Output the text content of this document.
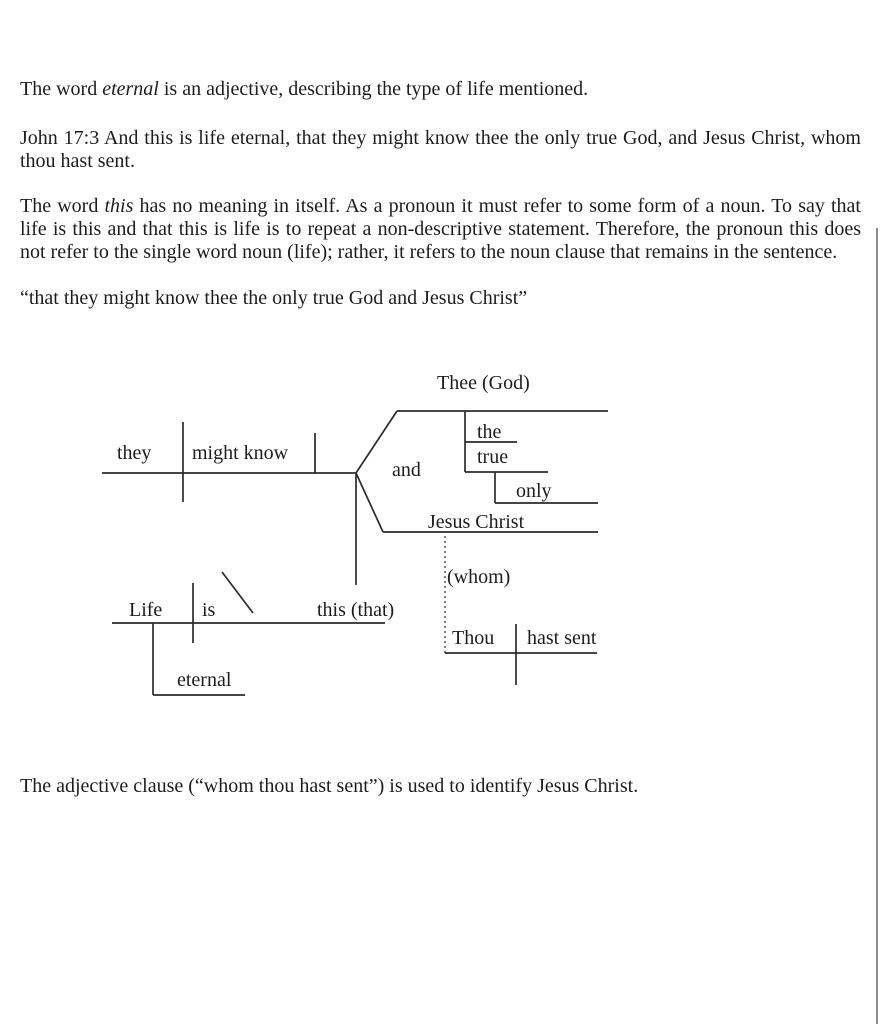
The word eternal is an adjective, describing the type of life mentioned.
John 17:3 And this is life eternal, that they might know thee the only true God, and Jesus Christ, whom
thou hast sent.
The word this has no meaning in itself. As a pronoun it must refer to some form of a noun. To say that
life is this and that this is life is to repeat a non-descriptive statement. Therefore, the pronoun this does
not refer to the single word noun (life); rather, it refers to the noun clause that remains in the sentence.
“that they might know thee the only true God and Jesus Christ”
The adjective clause (“whom thou hast sent”) is used to identify Jesus Christ.
they might know
and
Thee (God)
the
true
only
Jesus Christ
(whom)
Thou hast sent
Life is	this (that)
eternal
